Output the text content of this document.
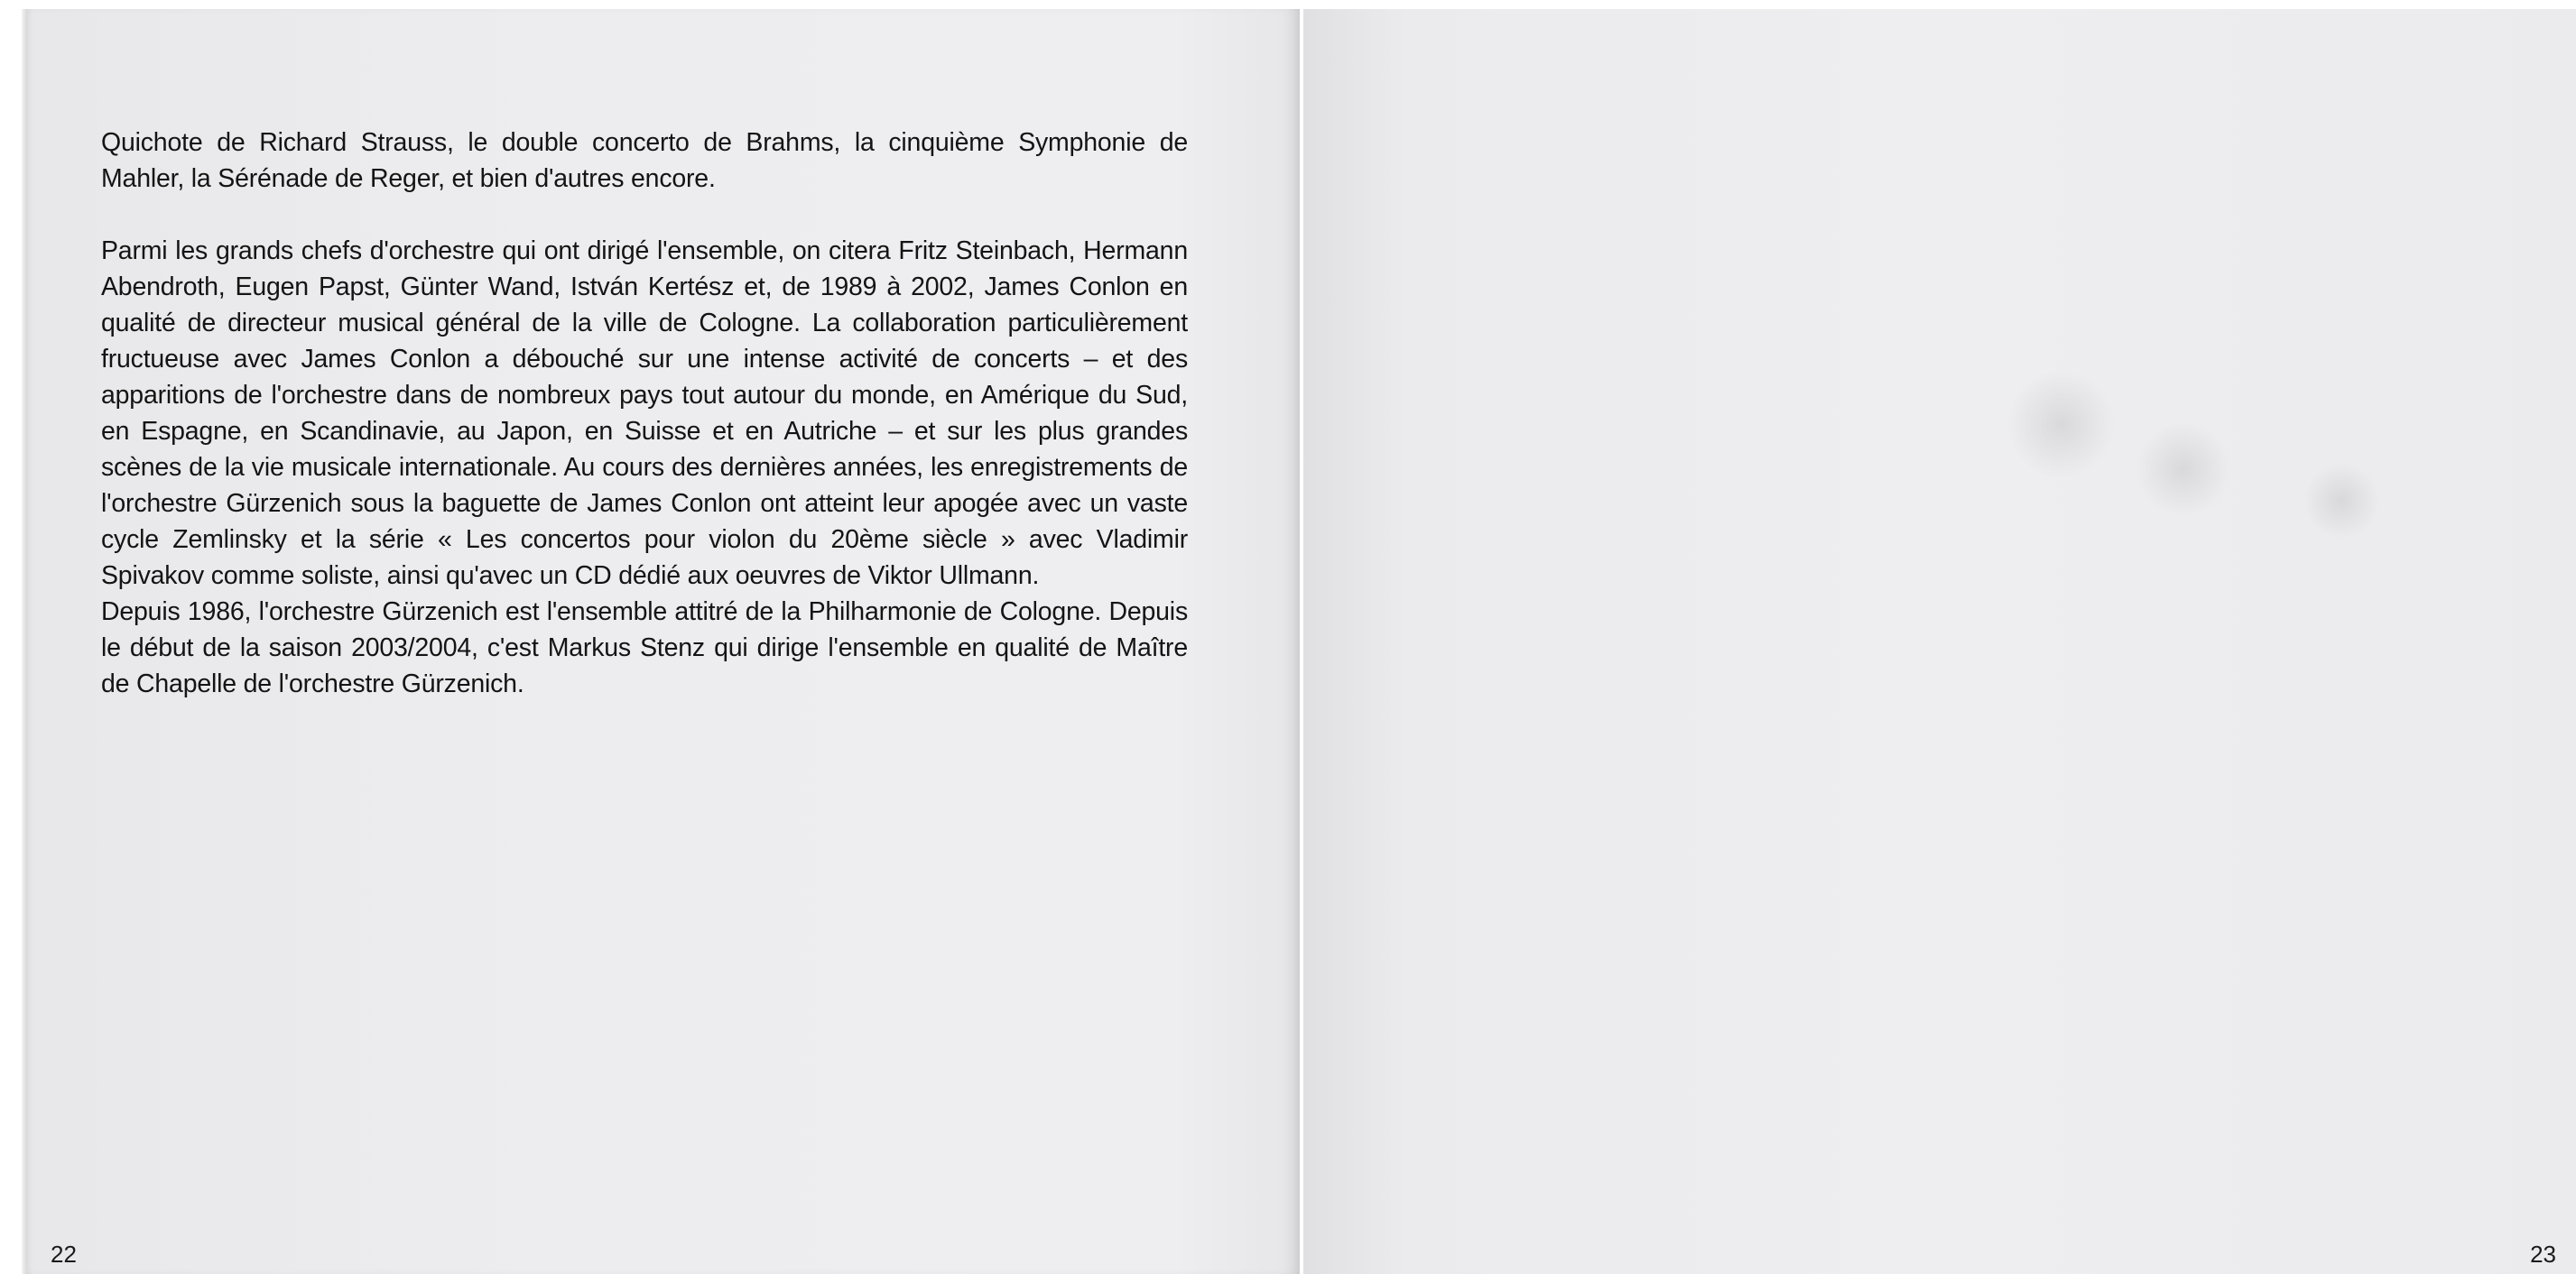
Quichote de Richard Strauss, le double concerto de Brahms, la cinquième Symphonie de Mahler, la Sérénade de Reger, et bien d'autres encore.

Parmi les grands chefs d'orchestre qui ont dirigé l'ensemble, on citera Fritz Steinbach, Hermann Abendroth, Eugen Papst, Günter Wand, István Kertész et, de 1989 à 2002, James Conlon en qualité de directeur musical général de la ville de Cologne. La collaboration particulièrement fructueuse avec James Conlon a débouché sur une intense activité de concerts – et des apparitions de l'orchestre dans de nombreux pays tout autour du monde, en Amérique du Sud, en Espagne, en Scandinavie, au Japon, en Suisse et en Autriche – et sur les plus grandes scènes de la vie musicale internationale. Au cours des dernières années, les enregistrements de l'orchestre Gürzenich sous la baguette de James Conlon ont atteint leur apogée avec un vaste cycle Zemlinsky et la série « Les concertos pour violon du 20ème siècle » avec Vladimir Spivakov comme soliste, ainsi qu'avec un CD dédié aux oeuvres de Viktor Ullmann.

Depuis 1986, l'orchestre Gürzenich est l'ensemble attitré de la Philharmonie de Cologne. Depuis le début de la saison 2003/2004, c'est Markus Stenz qui dirige l'ensemble en qualité de Maître de Chapelle de l'orchestre Gürzenich.

22	23
